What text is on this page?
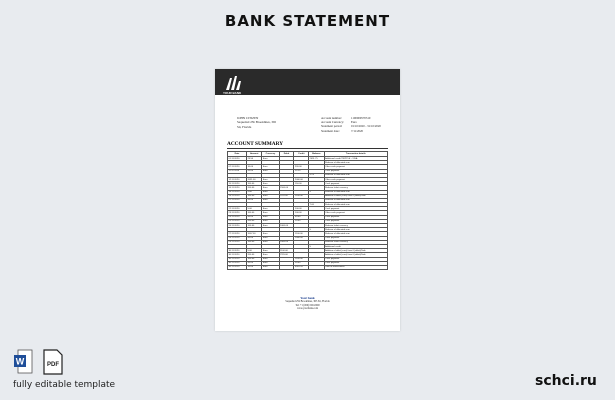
BANK STATEMENT
YOUR BANK
JOHN CITIZEN
Sequedad 25b Brooklines, 365
Sti, Florida
Account number:	1100009570310
Account Currency: Euro
Statement period:	01/10/2020 - 31/10/2020
Statement date:	7/11/2020
ACCOUNT SUMMARY
Date	Amount	Currency	Debit	Credit	Balance	Transaction details
01.11.2020	29.50	Euro			2051.75	Additional credit TRIPPLE - VISA
						Release of allocated sum
07.11.2020	10.00	Euro		230.00		Other cash payment
11.11.2020	20.00	Euro		23.20		Cash payment
					4.23	Release of allocated sum
12.11.2020	2031.00	Euro		2000.00		Other cash payment
15.11.2020	100.00	Euro		150.00		Cash payment
16.11.2020	200.00	Euro	2100.00			Release ticket currency
18.11.2020	5.00	Euro			5	Release of allocated sum
19.11.2020	100.00	Euro	1011.00	1100.00		Addition of debit (sum) from 0 (debit)/Sale
21.11.2020	20.00	Euro				Release of allocated sum
					7.00	Release of allocated sum
22.11.2020	5.00	Euro		100.00		Cash payment
23.11.2020	100.00	Euro		100.00		Other cash payment
24.11.2020	50.00	Euro		30.00		Cash payment
25.11.2020	200.00	Euro		10.00		Cash payment
26.11.2020	100.00	Euro	1000.00			Release ticket currency
					5	Release of allocated sum
27.11.2020	1007.00	Euro		1100.00		Release of allocated sum
28.11.2020	50.00	Euro		1000.00		Cash payment
29.11.2020	100.00	Euro	1000.00			Release ticket currency
					5	Additional credit
30.11.2020	5.00	Euro	1100.00			Addition of debit (sum) from 0 (debit)/Sale
30.11.2020	200.00	Euro	2115.00			Addition of debit (sum) from 0 (debit)/Sale
30.11.2020	100.00	Euro		1100.00		Cash payment
30.11.2020	50.00	Euro		20.00		Cash payment
30.11.2020	10.00	Euro		3041.20		Total of transactions
Your bank
Sequedad 25b Brooklines, 365 Sti, Florida
Tel: +1 (000) 000-0000
www.yourbank.com
W	PDF
fully editable template	schci.ru
